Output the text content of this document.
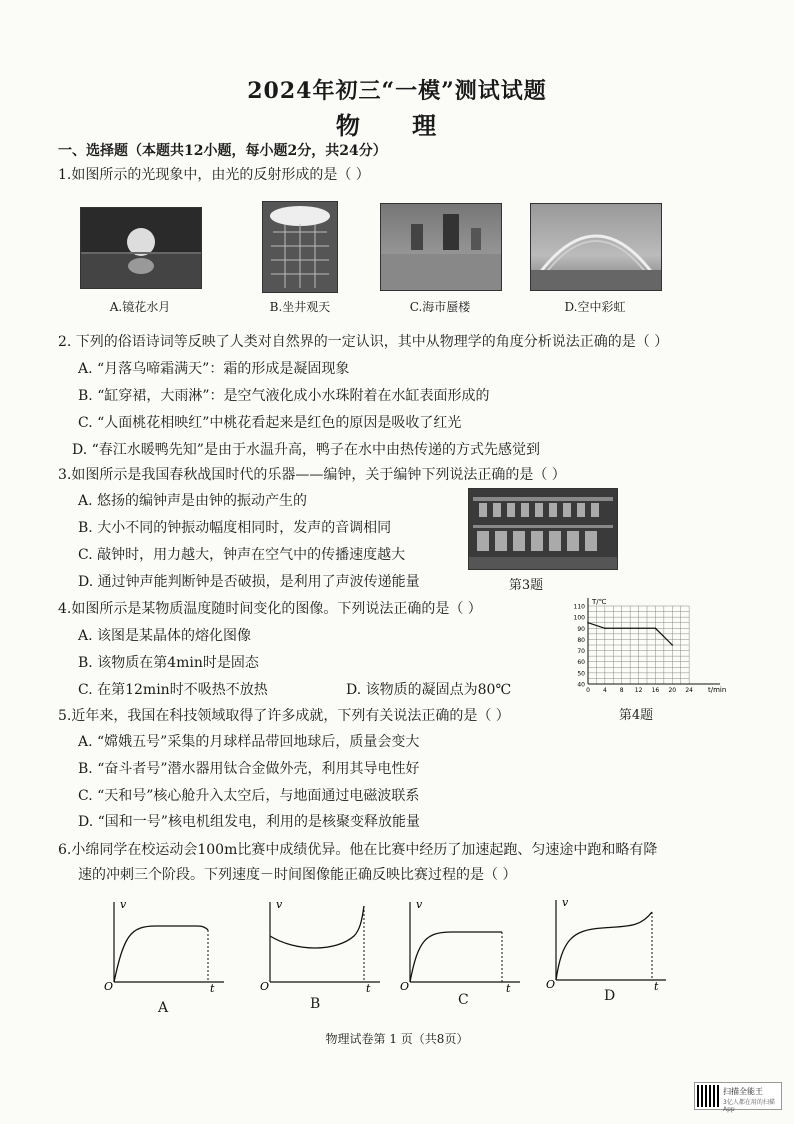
2024年初三“一模”测试试题
物 理
一、选择题（本题共12小题，每小题2分，共24分）
1.如图所示的光现象中，由光的反射形成的是（ ）
A.镜花水月	B.坐井观天	C.海市蜃楼	D.空中彩虹
2. 下列的俗语诗词等反映了人类对自然界的一定认识，其中从物理学的角度分析说法正确的是（ ）
A. “月落乌啼霜满天”：霜的形成是凝固现象
B. “缸穿裙，大雨淋”：是空气液化成小水珠附着在水缸表面形成的
C. “人面桃花相映红”中桃花看起来是红色的原因是吸收了红光
D. “春江水暖鸭先知”是由于水温升高，鸭子在水中由热传递的方式先感觉到
3.如图所示是我国春秋战国时代的乐器——编钟，关于编钟下列说法正确的是（ ）
A. 悠扬的编钟声是由钟的振动产生的
B. 大小不同的钟振动幅度相同时，发声的音调相同
C. 敲钟时，用力越大，钟声在空气中的传播速度越大
D. 通过钟声能判断钟是否破损，是利用了声波传递能量	第3题
4.如图所示是某物质温度随时间变化的图像。下列说法正确的是（ ）
A. 该图是某晶体的熔化图像
B. 该物质在第4min时是固态
C. 在第12min时不吸热不放热	D. 该物质的凝固点为80℃
110
100
90
80
70
60
50
40
0 4 8 12 16 20 24
T/℃
t/min
第4题
5.近年来，我国在科技领域取得了许多成就，下列有关说法正确的是（ ）
A. “嫦娥五号”采集的月球样品带回地球后，质量会变大
B. “奋斗者号”潜水器用钛合金做外壳，利用其导电性好
C. “天和号”核心舱升入太空后，与地面通过电磁波联系
D. “国和一号”核电机组发电，利用的是核聚变释放能量
6.小绵同学在校运动会100m比赛中成绩优异。他在比赛中经历了加速起跑、匀速途中跑和略有降
速的冲刺三个阶段。下列速度－时间图像能正确反映比赛过程的是（ ）
v
O	t
v
O	t
v
O	t
v
O	t
A	B	C	D
物理试卷第 1 页（共8页）
扫描全能王
3亿人都在用的扫描App
